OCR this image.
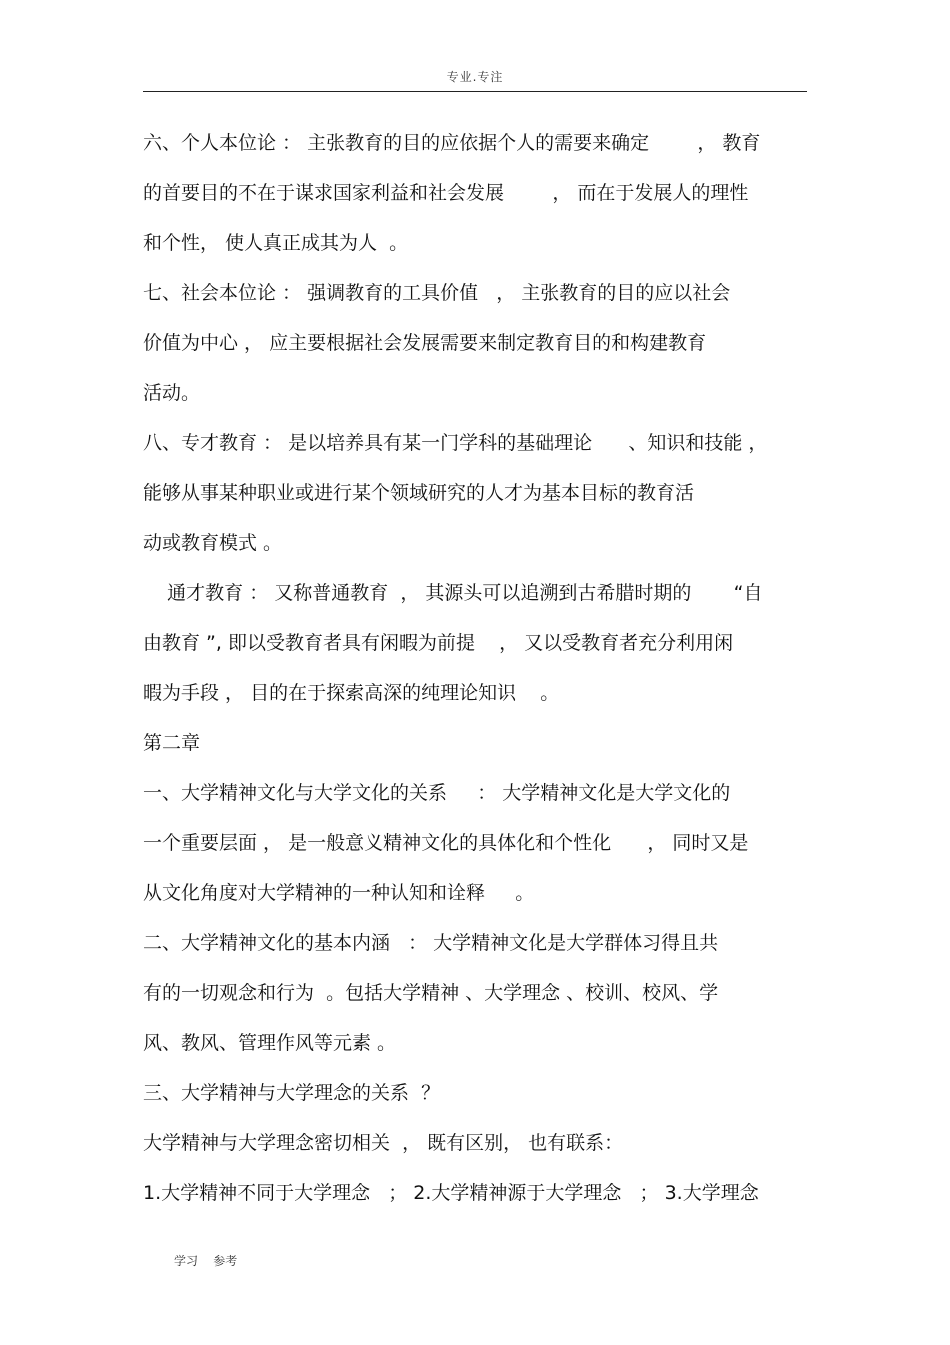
专业.专注
六、个人本位论 ： 主张教育的目的应依据个人的需要来确定        ， 教育
的首要目的不在于谋求国家利益和社会发展        ， 而在于发展人的理性
和个性， 使人真正成其为人  。
七、社会本位论 ： 强调教育的工具价值   ， 主张教育的目的应以社会
价值为中心 ， 应主要根据社会发展需要来制定教育目的和构建教育
活动。
八、专才教育 ： 是以培养具有某一门学科的基础理论      、知识和技能 ，
能够从事某种职业或进行某个领域研究的人才为基本目标的教育活
动或教育模式 。
通才教育 ： 又称普通教育  ， 其源头可以追溯到古希腊时期的       “自
由教育 ”, 即以受教育者具有闲暇为前提    ， 又以受教育者充分利用闲
暇为手段 ， 目的在于探索高深的纯理论知识    。
第二章
一、大学精神文化与大学文化的关系     ： 大学精神文化是大学文化的
一个重要层面 ， 是一般意义精神文化的具体化和个性化      ， 同时又是
从文化角度对大学精神的一种认知和诠释     。
二、大学精神文化的基本内涵   ： 大学精神文化是大学群体习得且共
有的一切观念和行为  。包括大学精神 、大学理念 、校训、校风、学
风、教风、管理作风等元素 。
三、大学精神与大学理念的关系  ？
大学精神与大学理念密切相关  ， 既有区别， 也有联系：
1.大学精神不同于大学理念   ； 2.大学精神源于大学理念   ； 3.大学理念
学习    参考
